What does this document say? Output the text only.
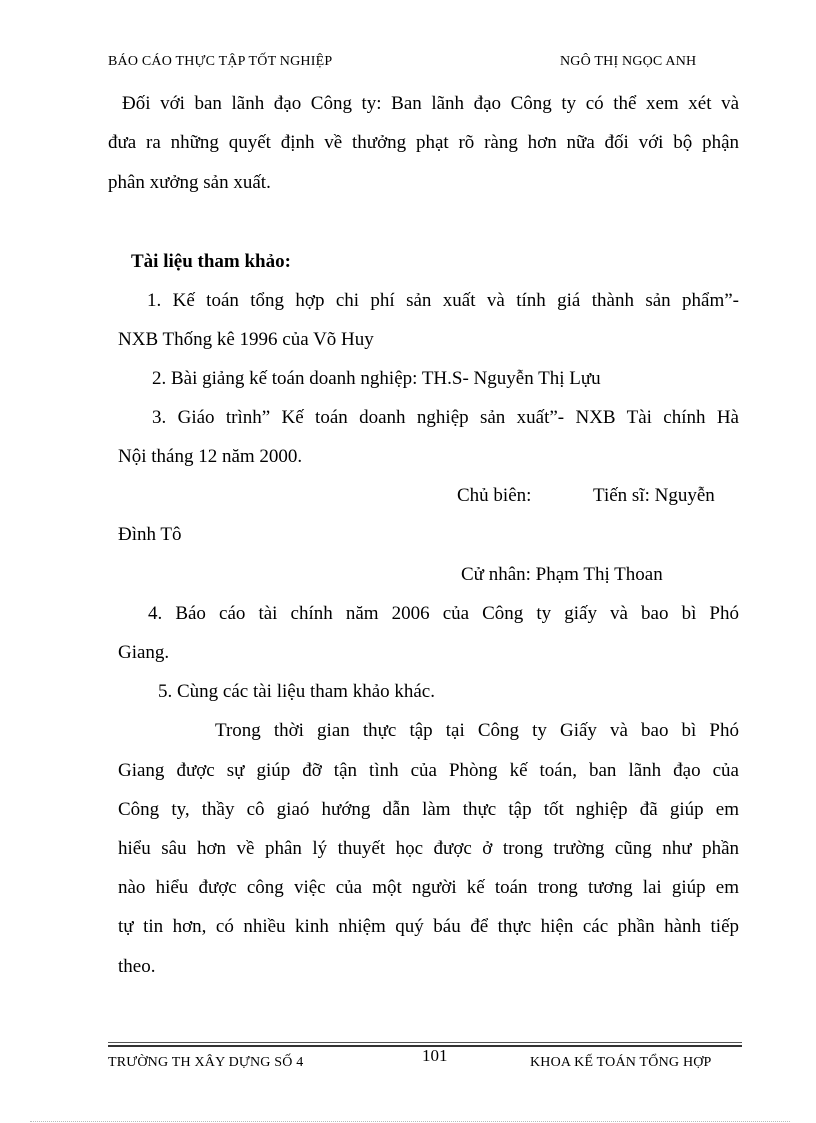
BÁO CÁO THỰC TẬP TỐT NGHIỆP	NGÔ THỊ NGỌC ANH
Đối với ban lãnh đạo Công ty: Ban lãnh đạo Công ty có thể xem xét và
đưa ra những quyết định về thưởng phạt rõ ràng hơn nữa đối với bộ phận
phân xưởng sản xuất.
Tài liệu tham khảo:
1. Kế toán tổng hợp chi phí sản xuất và tính giá thành sản phẩm”-
NXB Thống kê 1996 của Võ Huy
2. Bài giảng kế toán doanh nghiệp: TH.S- Nguyễn Thị Lựu
3. Giáo trình” Kế toán doanh nghiệp sản xuất”- NXB Tài chính Hà
Nội tháng 12 năm 2000.
Chủ biên:	Tiến sĩ: Nguyễn
Đình Tô
Cử nhân: Phạm Thị Thoan
4. Báo cáo tài chính năm 2006 của Công ty giấy và bao bì Phó
Giang.
5. Cùng các tài liệu tham khảo khác.
Trong thời gian thực tập tại Công ty Giấy và bao bì Phó
Giang được sự giúp đỡ tận tình của Phòng kế toán, ban lãnh đạo của
Công ty, thầy cô giaó hướng dẫn làm thực tập tốt nghiệp đã giúp em
hiểu sâu hơn về phân lý thuyết học được ở trong trường cũng như phần
nào hiểu được công việc của một người kế toán trong tương lai giúp em
tự tin hơn, có nhiều kinh nhiệm quý báu để thực hiện các phần hành tiếp
theo.
TRƯỜNG TH XÂY DỰNG SỐ 4	101	KHOA KẾ TOÁN TỔNG HỢP
